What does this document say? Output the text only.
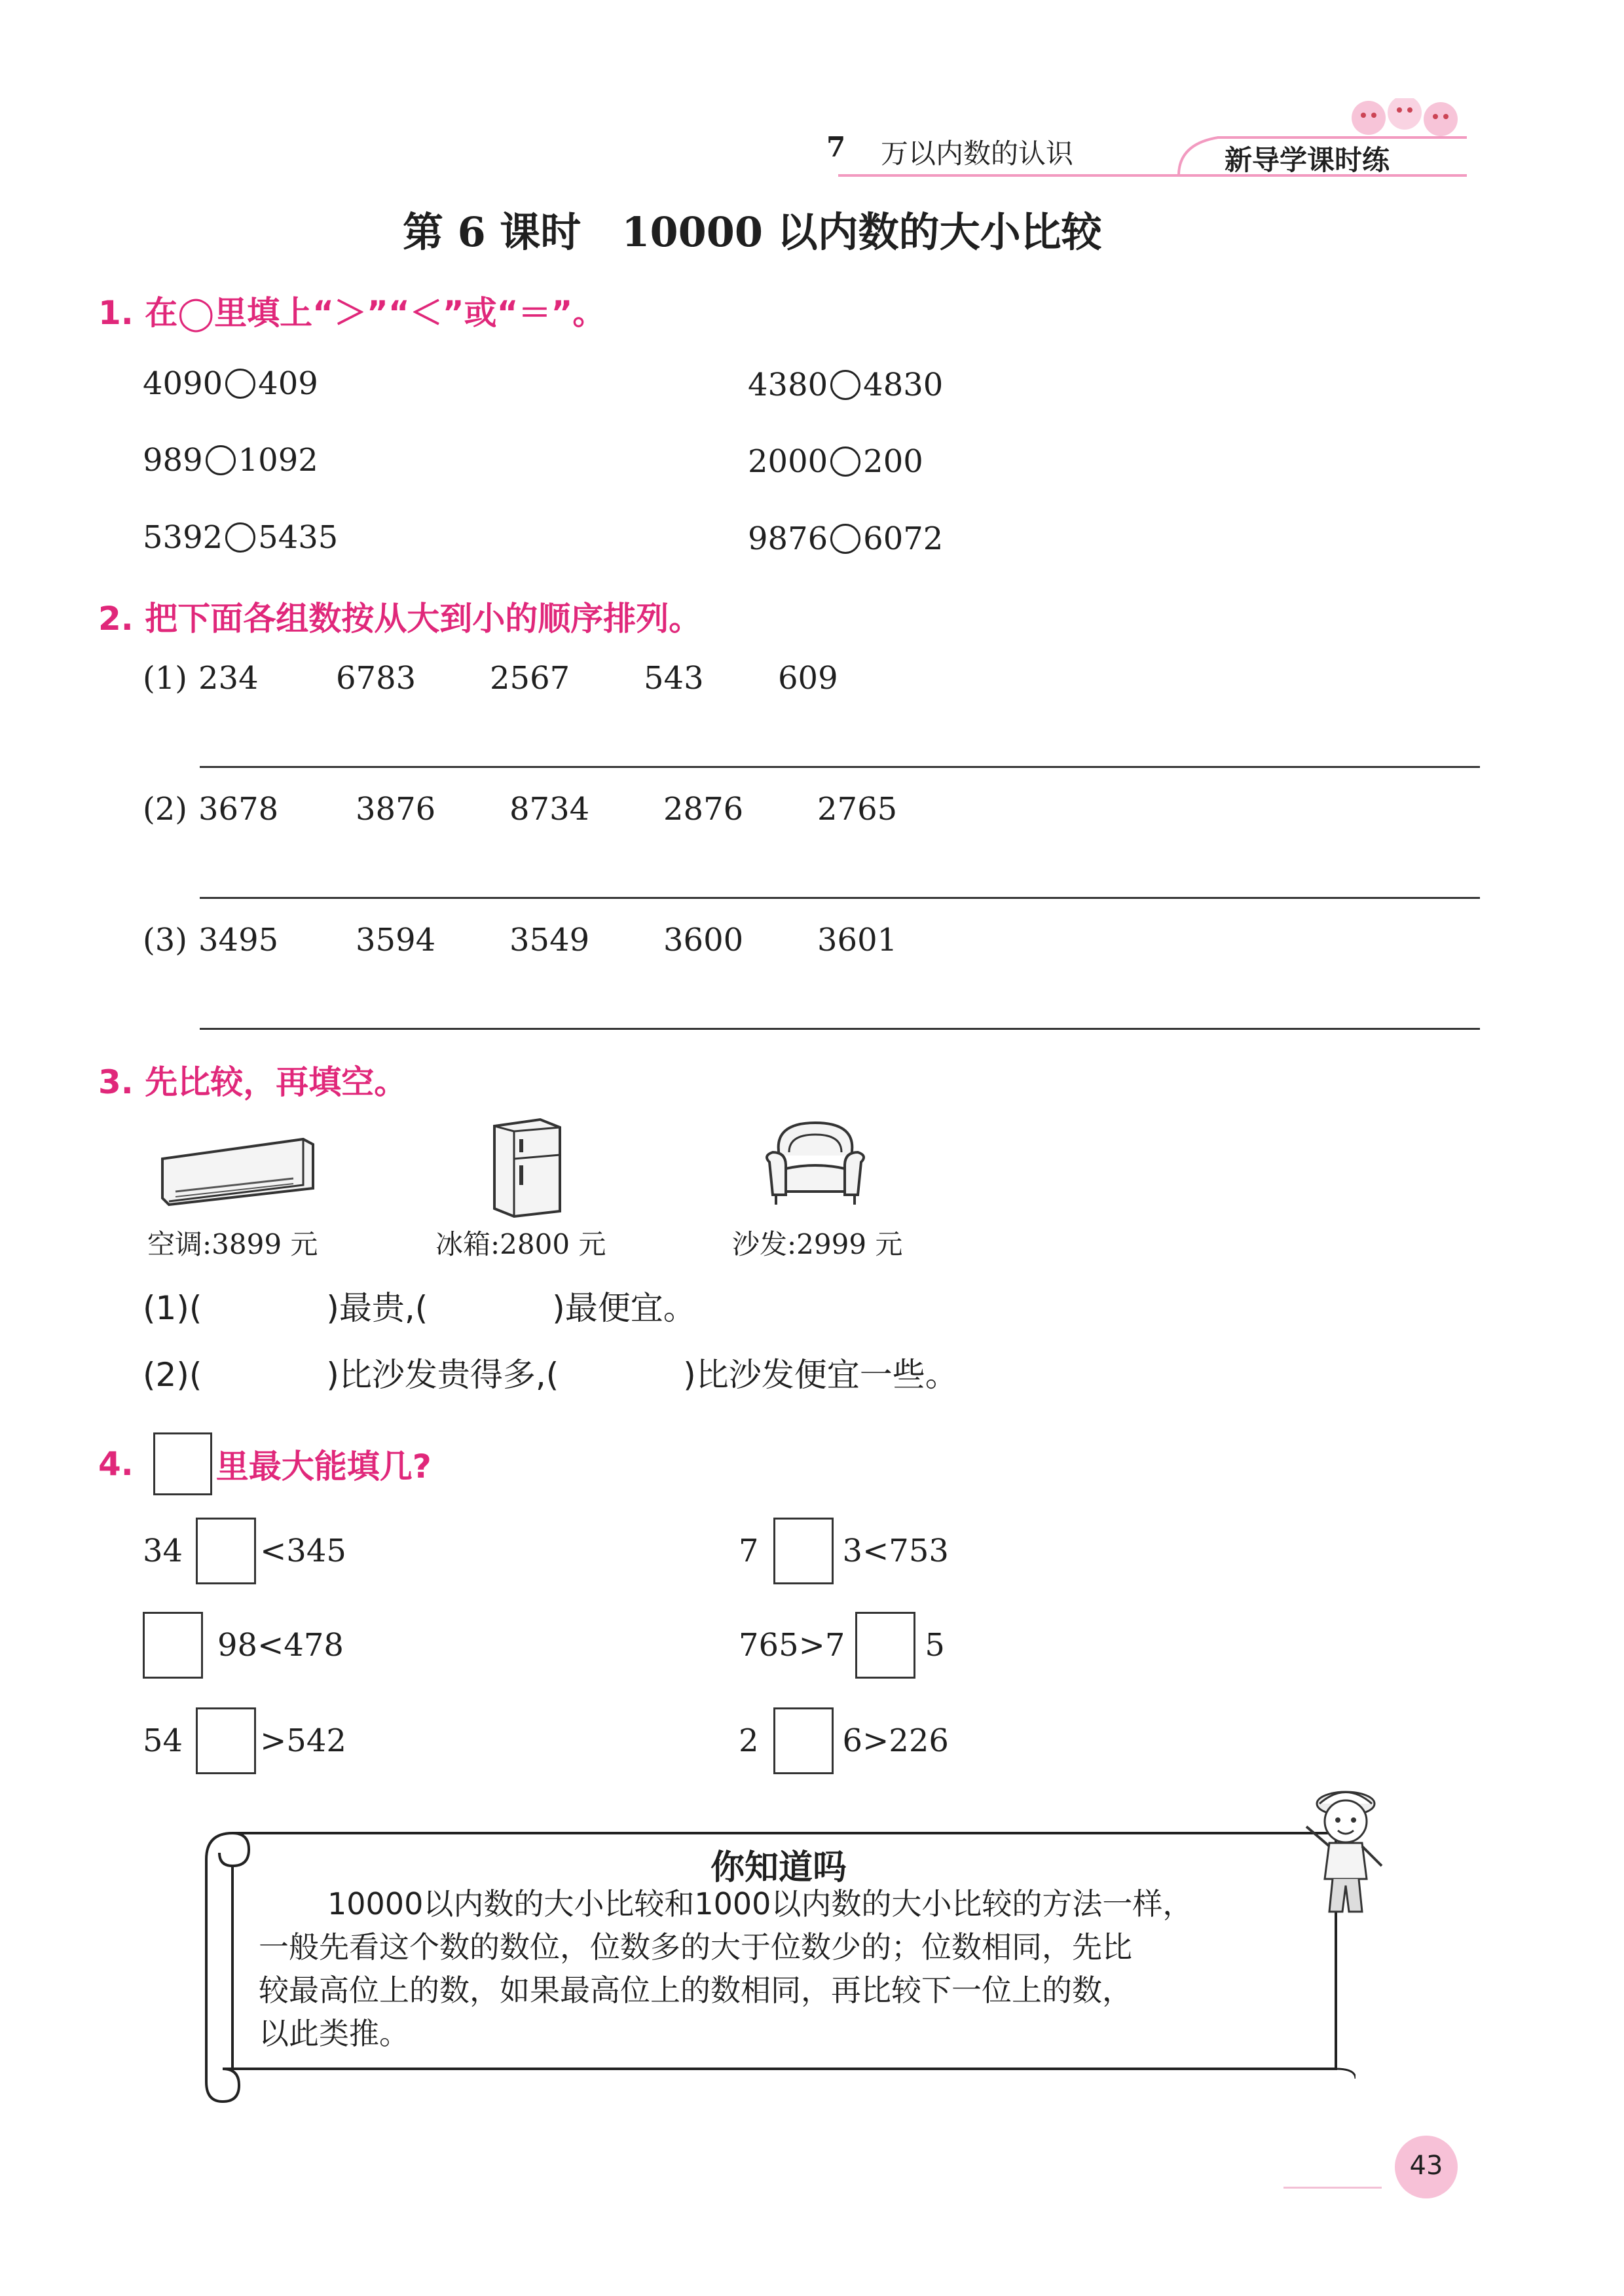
7 万以内数的认识	新导学课时练
第 6 课时　10000 以内数的大小比较
1. 在◯里填上“＞”“＜”或“＝”。
4090 409	4380 4830
989 1092	2000 200
5392 5435	9876 6072
2. 把下面各组数按从大到小的顺序排列。
(1) 234 6783 2567 543 609
(2) 3678 3876 8734 2876 2765
(3) 3495 3594 3549 3600 3601
3. 先比较，再填空。
空调:3899 元	冰箱:2800 元	沙发:2999 元
(1)(	)最贵,(	)最便宜。
(2)(	)比沙发贵得多,(	)比沙发便宜一些。
4.	里最大能填几?
34 <345	7	3<753
98<478	765>7	5
54 >542	2	6>226
你知道吗
10000以内数的大小比较和1000以内数的大小比较的方法一样，
一般先看这个数的数位，位数多的大于位数少的；位数相同，先比
较最高位上的数，如果最高位上的数相同，再比较下一位上的数，
以此类推。
43
